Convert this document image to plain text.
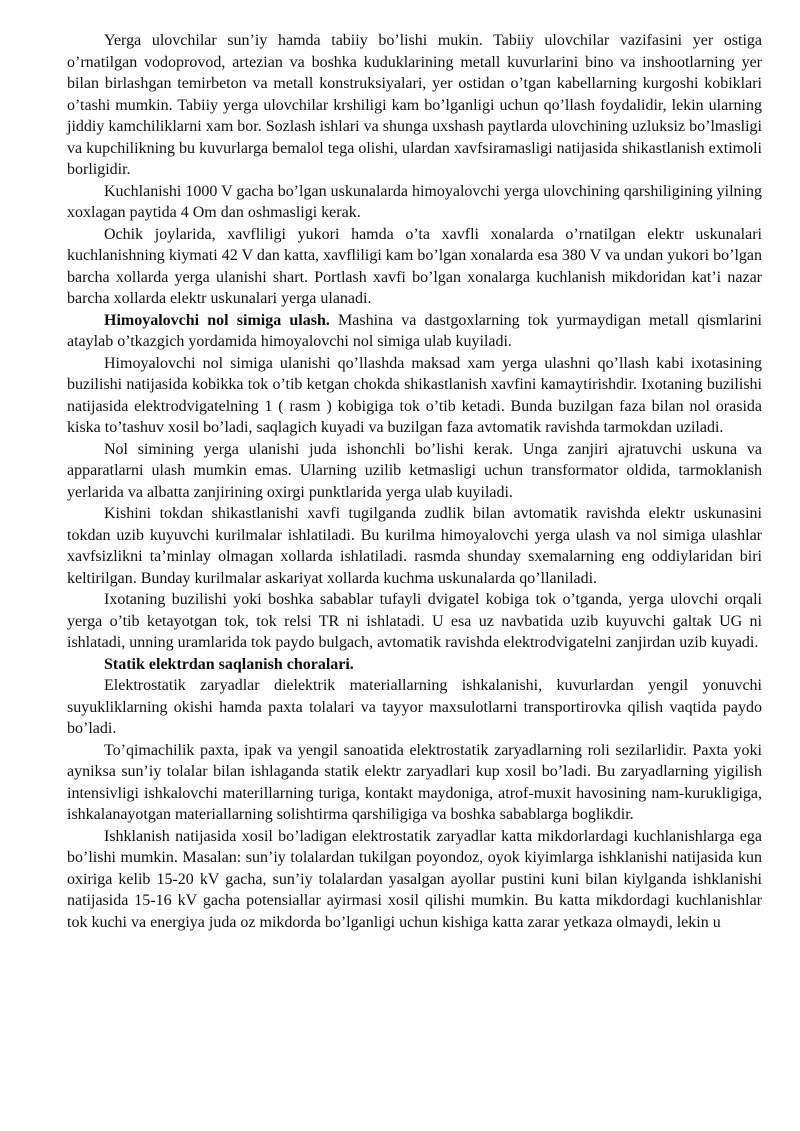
Yerga ulovchilar sun’iy hamda tabiiy bo’lishi mukin. Tabiiy ulovchilar vazifasini yer ostiga o’rnatilgan vodoprovod, artezian va boshka kuduklarining metall kuvurlarini bino va inshootlarning yer bilan birlashgan temirbeton va metall konstruksiyalari, yer ostidan o’tgan kabellarning kurgoshi kobiklari o’tashi mumkin. Tabiiy yerga ulovchilar krshiligi kam bo’lganligi uchun qo’llash foydalidir, lekin ularning jiddiy kamchiliklarni xam bor. Sozlash ishlari va shunga uxshash paytlarda ulovchining uzluksiz bo’lmasligi va kupchilikning bu kuvurlarga bemalol tega olishi, ulardan xavfsiramasligi natijasida shikastlanish extimoli borligidir.

Kuchlanishi 1000 V gacha bo’lgan uskunalarda himoyalovchi yerga ulovchining qarshiligining yilning xoxlagan paytida 4 Om dan oshmasligi kerak.

Ochik joylarida, xavfliligi yukori hamda o’ta xavfli xonalarda o’rnatilgan elektr uskunalari kuchlanishning kiymati 42 V dan katta, xavfliligi kam bo’lgan xonalarda esa 380 V va undan yukori bo’lgan barcha xollarda yerga ulanishi shart. Portlash xavfi bo’lgan xonalarga kuchlanish mikdoridan kat’i nazar barcha xollarda elektr uskunalari yerga ulanadi.

Himoyalovchi nol simiga ulash. Mashina va dastgoxlarning tok yurmaydigan metall qismlarini ataylab o’tkazgich yordamida himoyalovchi nol simiga ulab kuyiladi.

Himoyalovchi nol simiga ulanishi qo’llashda maksad xam yerga ulashni qo’llash kabi ixotasining buzilishi natijasida kobikka tok o’tib ketgan chokda shikastlanish xavfini kamaytirishdir. Ixotaning buzilishi natijasida elektrodvigatelning 1 ( rasm ) kobigiga tok o’tib ketadi. Bunda buzilgan faza bilan nol orasida kiska to’tashuv xosil bo’ladi, saqlagich kuyadi va buzilgan faza avtomatik ravishda tarmokdan uziladi.

Nol simining yerga ulanishi juda ishonchli bo’lishi kerak. Unga zanjiri ajratuvchi uskuna va apparatlarni ulash mumkin emas. Ularning uzilib ketmasligi uchun transformator oldida, tarmoklanish yerlarida va albatta zanjirining oxirgi punktlarida yerga ulab kuyiladi.

Kishini tokdan shikastlanishi xavfi tugilganda zudlik bilan avtomatik ravishda elektr uskunasini tokdan uzib kuyuvchi kurilmalar ishlatiladi. Bu kurilma himoyalovchi yerga ulash va nol simiga ulashlar xavfsizlikni ta’minlay olmagan xollarda ishlatiladi. rasmda shunday sxemalarning eng oddiylaridan biri keltirilgan. Bunday kurilmalar askariyat xollarda kuchma uskunalarda qo’llaniladi.

Ixotaning buzilishi yoki boshka sabablar tufayli dvigatel kobiga tok o’tganda, yerga ulovchi orqali yerga o’tib ketayotgan tok, tok relsi TR ni ishlatadi. U esa uz navbatida uzib kuyuvchi galtak UG ni ishlatadi, unning uramlarida tok paydo bulgach, avtomatik ravishda elektrodvigatelni zanjirdan uzib kuyadi.

Statik elektrdan saqlanish choralari.

Elektrostatik zaryadlar dielektrik materiallarning ishkalanishi, kuvurlardan yengil yonuvchi suyukliklarning okishi hamda paxta tolalari va tayyor maxsulotlarni transportirovka qilish vaqtida paydo bo’ladi.

To’qimachilik paxta, ipak va yengil sanoatida elektrostatik zaryadlarning roli sezilarlidir. Paxta yoki ayniksa sun’iy tolalar bilan ishlaganda statik elektr zaryadlari kup xosil bo’ladi. Bu zaryadlarning yigilish intensivligi ishkalovchi materillarning turiga, kontakt maydoniga, atrof-muxit havosining nam-kurukligiga, ishkalanayotgan materiallarning solishtirma qarshiligiga va boshka sabablarga boglikdir.

Ishklanish natijasida xosil bo’ladigan elektrostatik zaryadlar katta mikdorlardagi kuchlanishlarga ega bo’lishi mumkin. Masalan: sun’iy tolalardan tukilgan poyondoz, oyok kiyimlarga ishklanishi natijasida kun oxiriga kelib 15-20 kV gacha, sun’iy tolalardan yasalgan ayollar pustini kuni bilan kiylganda ishklanishi natijasida 15-16 kV gacha potensiallar ayirmasi xosil qilishi mumkin. Bu katta mikdordagi kuchlanishlar tok kuchi va energiya juda oz mikdorda bo’lganligi uchun kishiga katta zarar yetkaza olmaydi, lekin u
